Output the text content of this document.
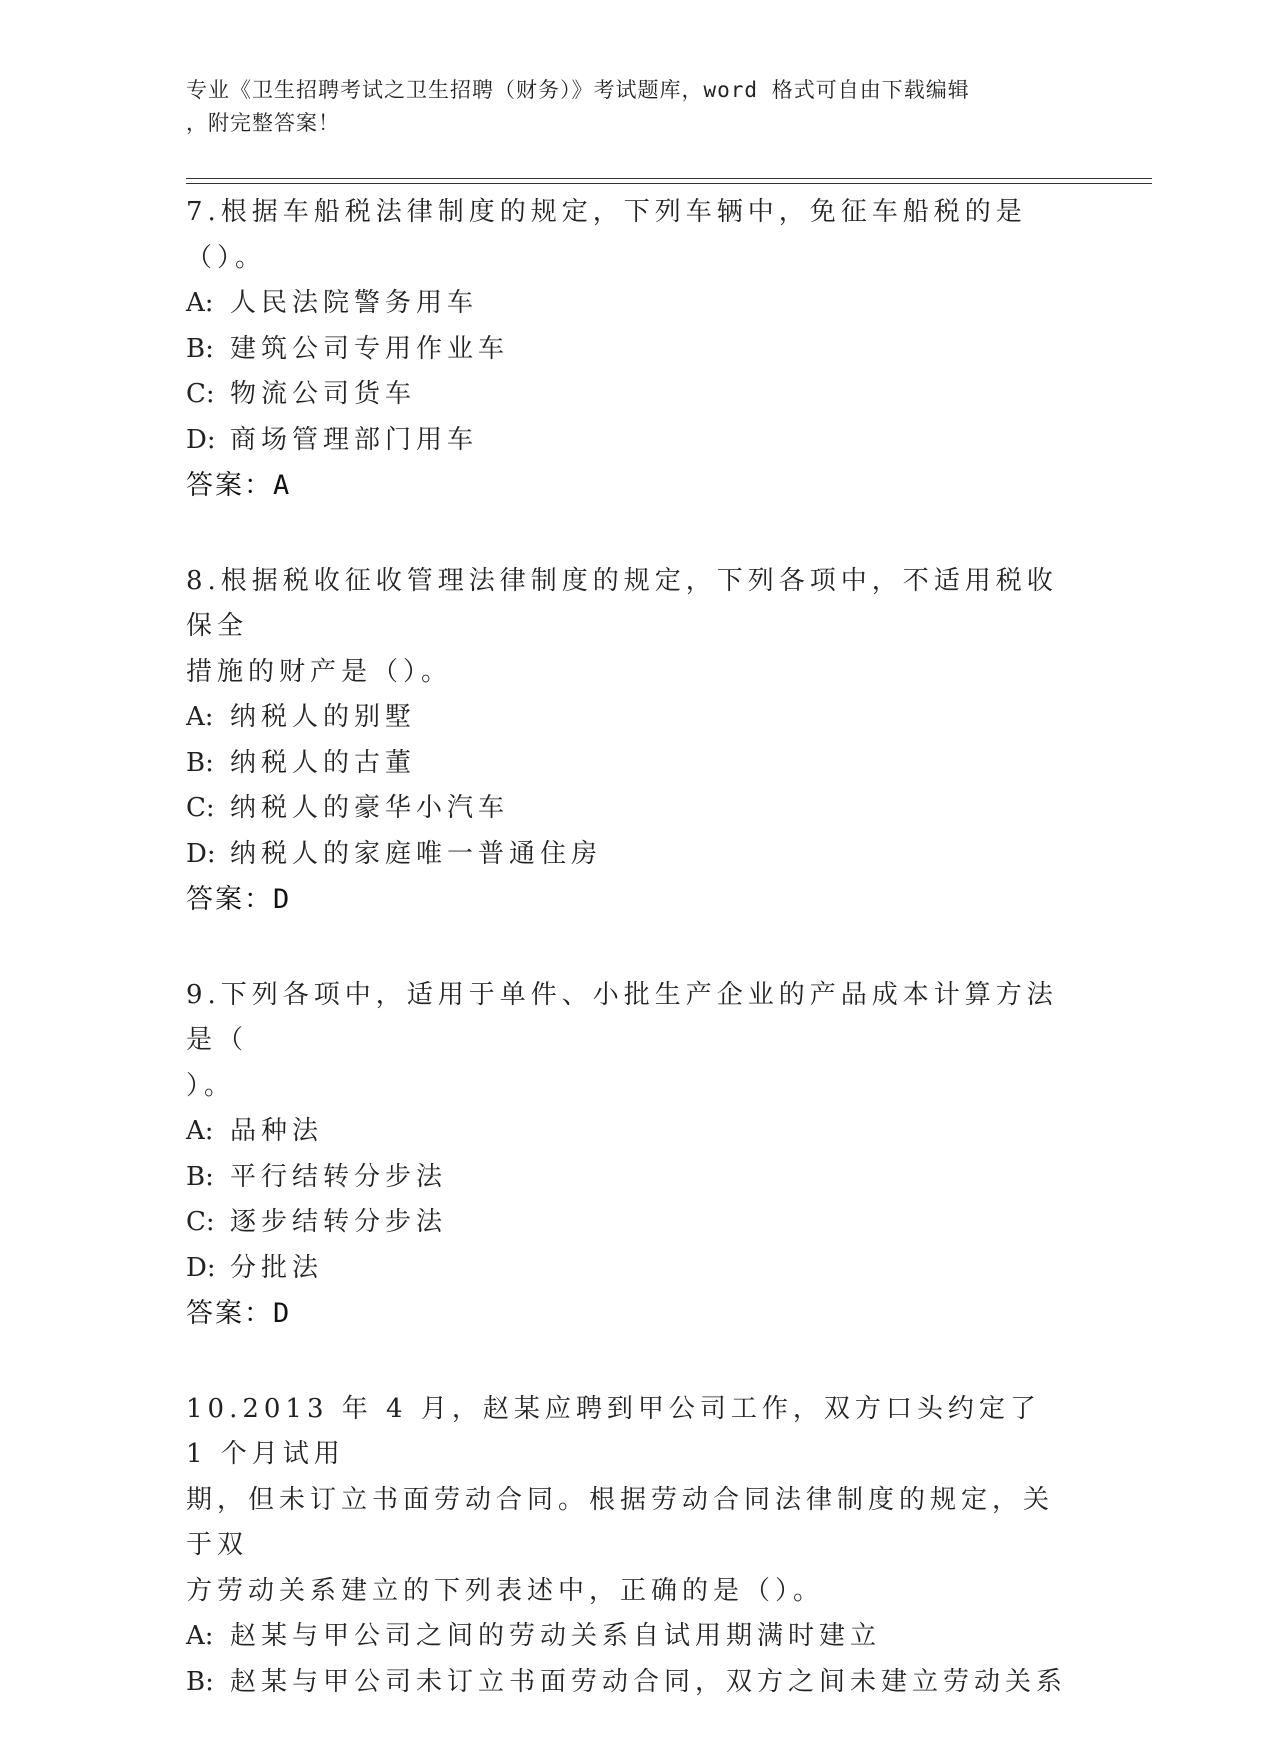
专业《卫生招聘考试之卫生招聘（财务）》考试题库，word 格式可自由下载编辑
，附完整答案！
7.根据车船税法律制度的规定，下列车辆中，免征车船税的是（）。
A: 人民法院警务用车
B: 建筑公司专用作业车
C: 物流公司货车
D: 商场管理部门用车
答案：A
8.根据税收征收管理法律制度的规定，下列各项中，不适用税收保全
措施的财产是（）。
A: 纳税人的别墅
B: 纳税人的古董
C: 纳税人的豪华小汽车
D: 纳税人的家庭唯一普通住房
答案：D
9.下列各项中，适用于单件、小批生产企业的产品成本计算方法是（
）。
A: 品种法
B: 平行结转分步法
C: 逐步结转分步法
D: 分批法
答案：D
10.2013 年 4 月，赵某应聘到甲公司工作，双方口头约定了 1 个月试用
期，但未订立书面劳动合同。根据劳动合同法律制度的规定，关于双
方劳动关系建立的下列表述中，正确的是（）。
A: 赵某与甲公司之间的劳动关系自试用期满时建立
B: 赵某与甲公司未订立书面劳动合同，双方之间未建立劳动关系
